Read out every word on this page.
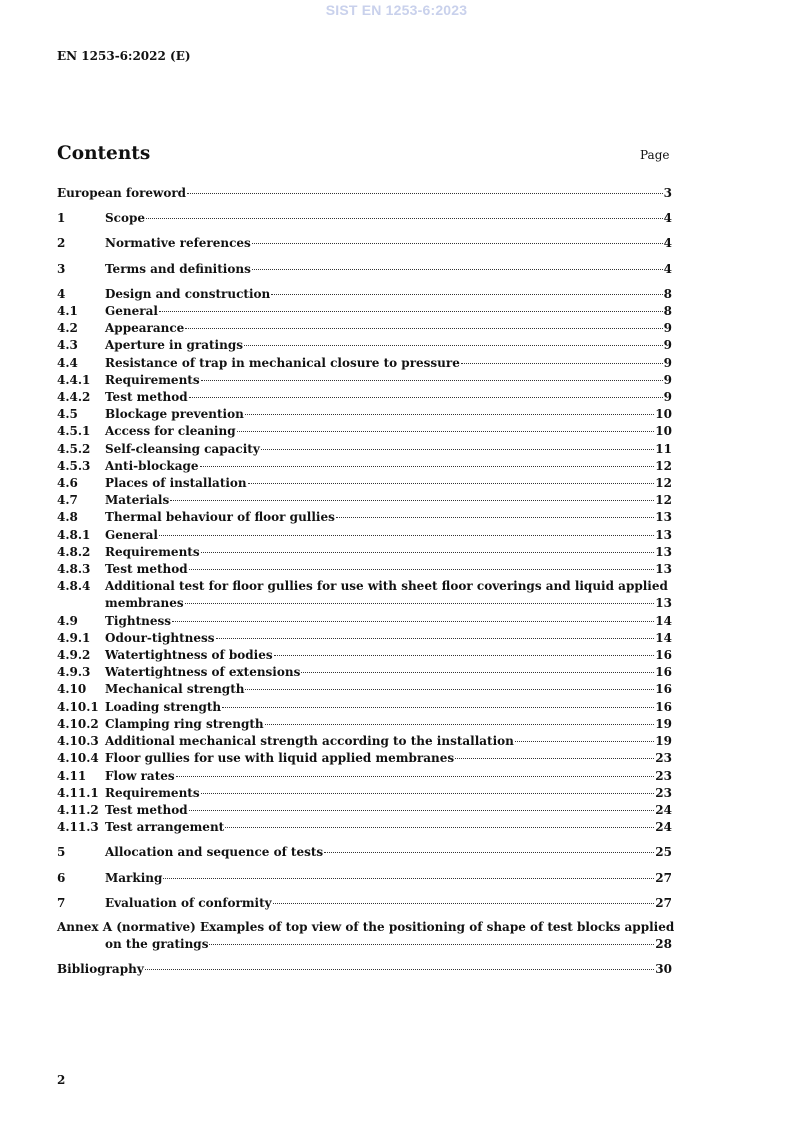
SIST EN 1253-6:2023
EN 1253-6:2022 (E)
Contents	Page
European foreword	3
1	Scope	4
2	Normative references	4
3	Terms and definitions	4
4	Design and construction	8
4.1	General	8
4.2	Appearance	9
4.3	Aperture in gratings	9
4.4	Resistance of trap in mechanical closure to pressure	9
4.4.1	Requirements	9
4.4.2	Test method	9
4.5	Blockage prevention	10
4.5.1	Access for cleaning	10
4.5.2	Self-cleansing capacity	11
4.5.3	Anti-blockage	12
4.6	Places of installation	12
4.7	Materials	12
4.8	Thermal behaviour of floor gullies	13
4.8.1	General	13
4.8.2	Requirements	13
4.8.3	Test method	13
4.8.4	Additional test for floor gullies for use with sheet floor coverings and liquid applied
membranes	13
4.9	Tightness	14
4.9.1	Odour-tightness	14
4.9.2	Watertightness of bodies	16
4.9.3	Watertightness of extensions	16
4.10	Mechanical strength	16
4.10.1 Loading strength	16
4.10.2 Clamping ring strength	19
4.10.3 Additional mechanical strength according to the installation	19
4.10.4 Floor gullies for use with liquid applied membranes	23
4.11	Flow rates	23
4.11.1 Requirements	23
4.11.2 Test method	24
4.11.3 Test arrangement	24
5	Allocation and sequence of tests	25
6	Marking	27
7	Evaluation of conformity	27
Annex A (normative) Examples of top view of the positioning of shape of test blocks applied
on the gratings	28
Bibliography	30
2
